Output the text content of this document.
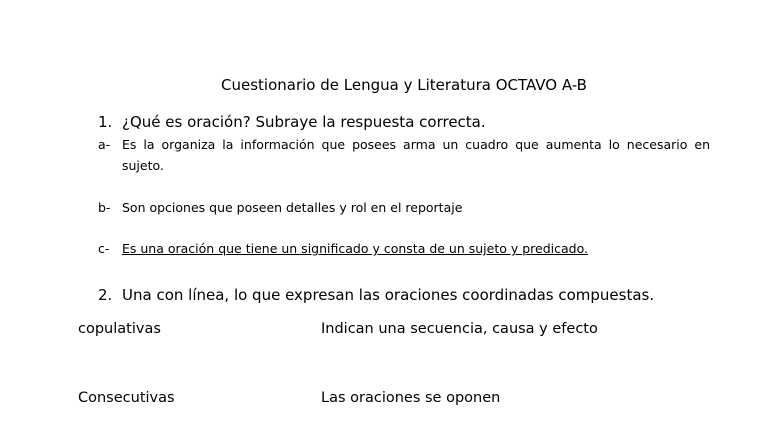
Cuestionario de Lengua y Literatura OCTAVO A-B
1. ¿Qué es oración? Subraye la respuesta correcta.
a- Es la organiza la información que posees arma un cuadro que aumenta lo necesario en sujeto.
b- Son opciones que poseen detalles y rol en el reportaje
c- Es una oración que tiene un significado y consta de un sujeto y predicado.
2. Una con línea, lo que expresan las oraciones coordinadas compuestas.
copulativas	Indican una secuencia, causa y efecto
Consecutivas	Las oraciones se oponen
